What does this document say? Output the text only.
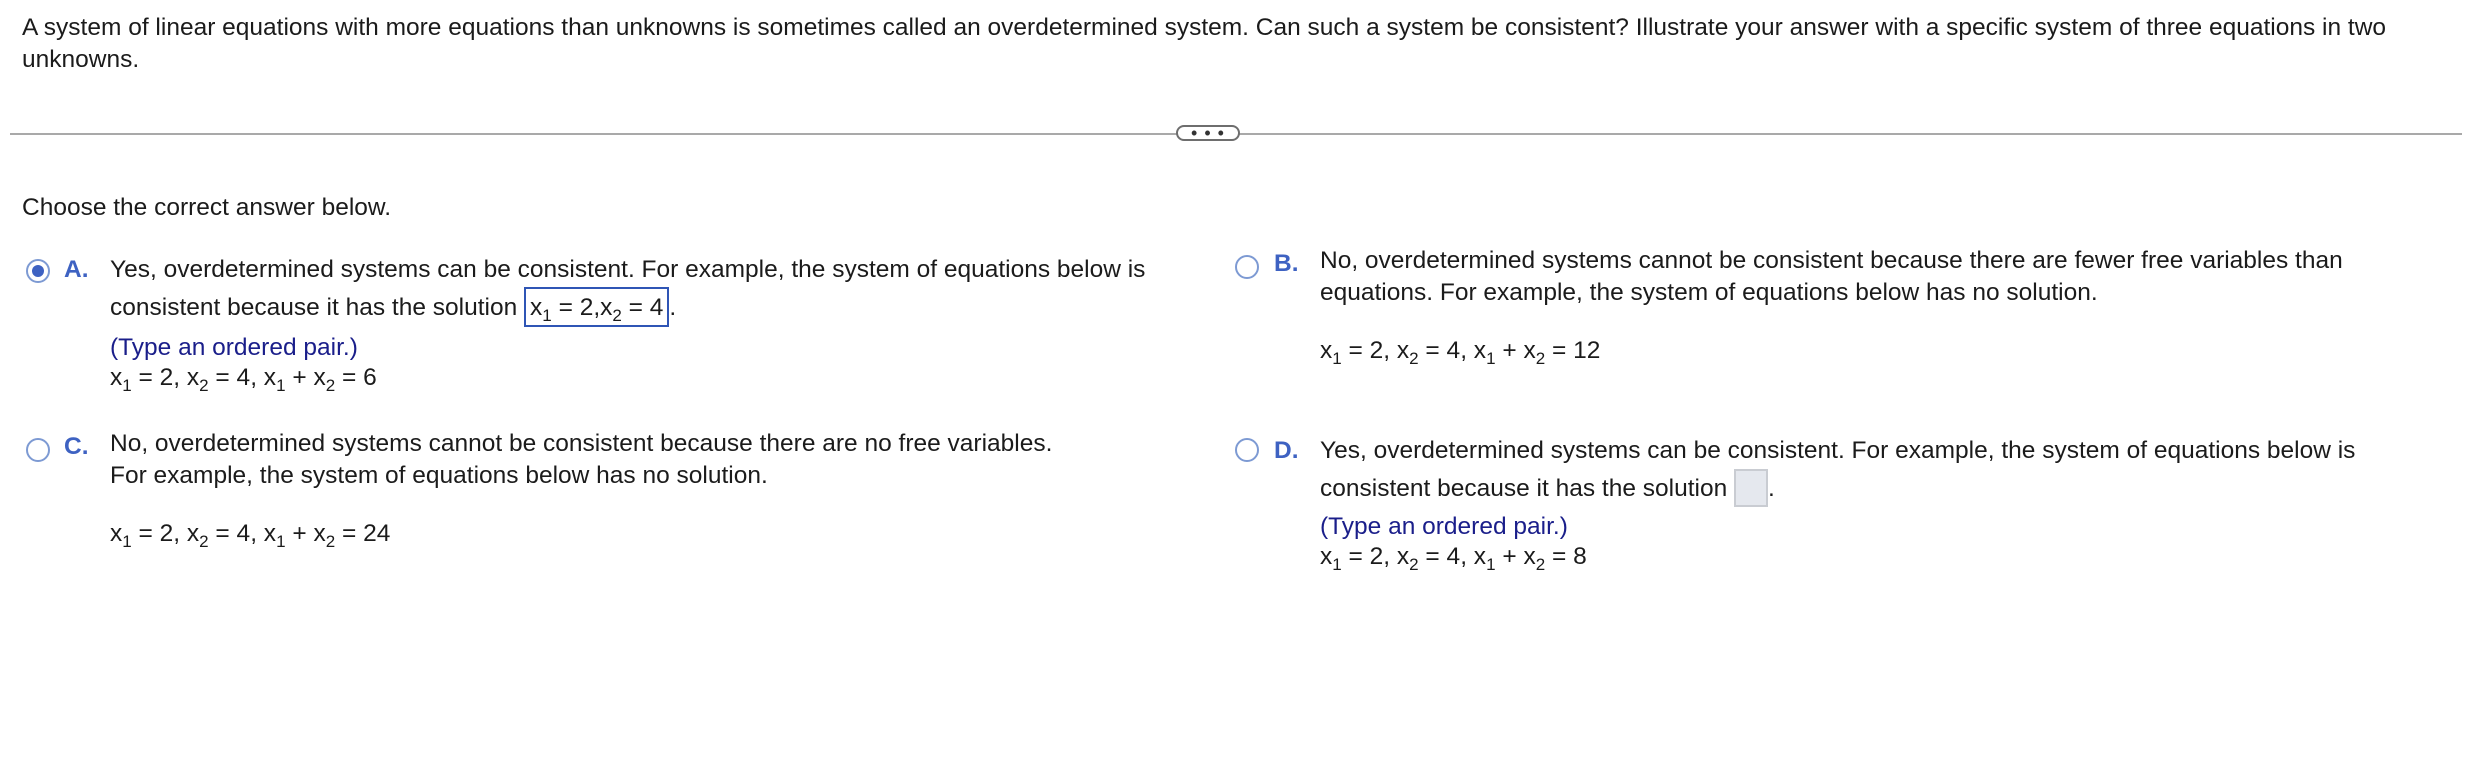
A system of linear equations with more equations than unknowns is sometimes called an overdetermined system. Can such a system be consistent? Illustrate your answer with a specific system of three equations in two unknowns.
• • •
Choose the correct answer below.
A. Yes, overdetermined systems can be consistent. For example, the system of equations below is
consistent because it has the solution $x_1 = 2,x_2 = 4$ .
(Type an ordered pair.)
$x_1 = 2$, $x_2 = 4$, $x_1 + x_2 = 6$
B. No, overdetermined systems cannot be consistent because there are fewer free variables than
equations. For example, the system of equations below has no solution.
$x_1 = 2$, $x_2 = 4$, $x_1 + x_2 = 12$
C. No, overdetermined systems cannot be consistent because there are no free variables.
For example, the system of equations below has no solution.
$x_1 = 2$, $x_2 = 4$, $x_1 + x_2 = 24$
D. Yes, overdetermined systems can be consistent. For example, the system of equations below is
consistent because it has the solution .
(Type an ordered pair.)
$x_1 = 2$, $x_2 = 4$, $x_1 + x_2 = 8$
